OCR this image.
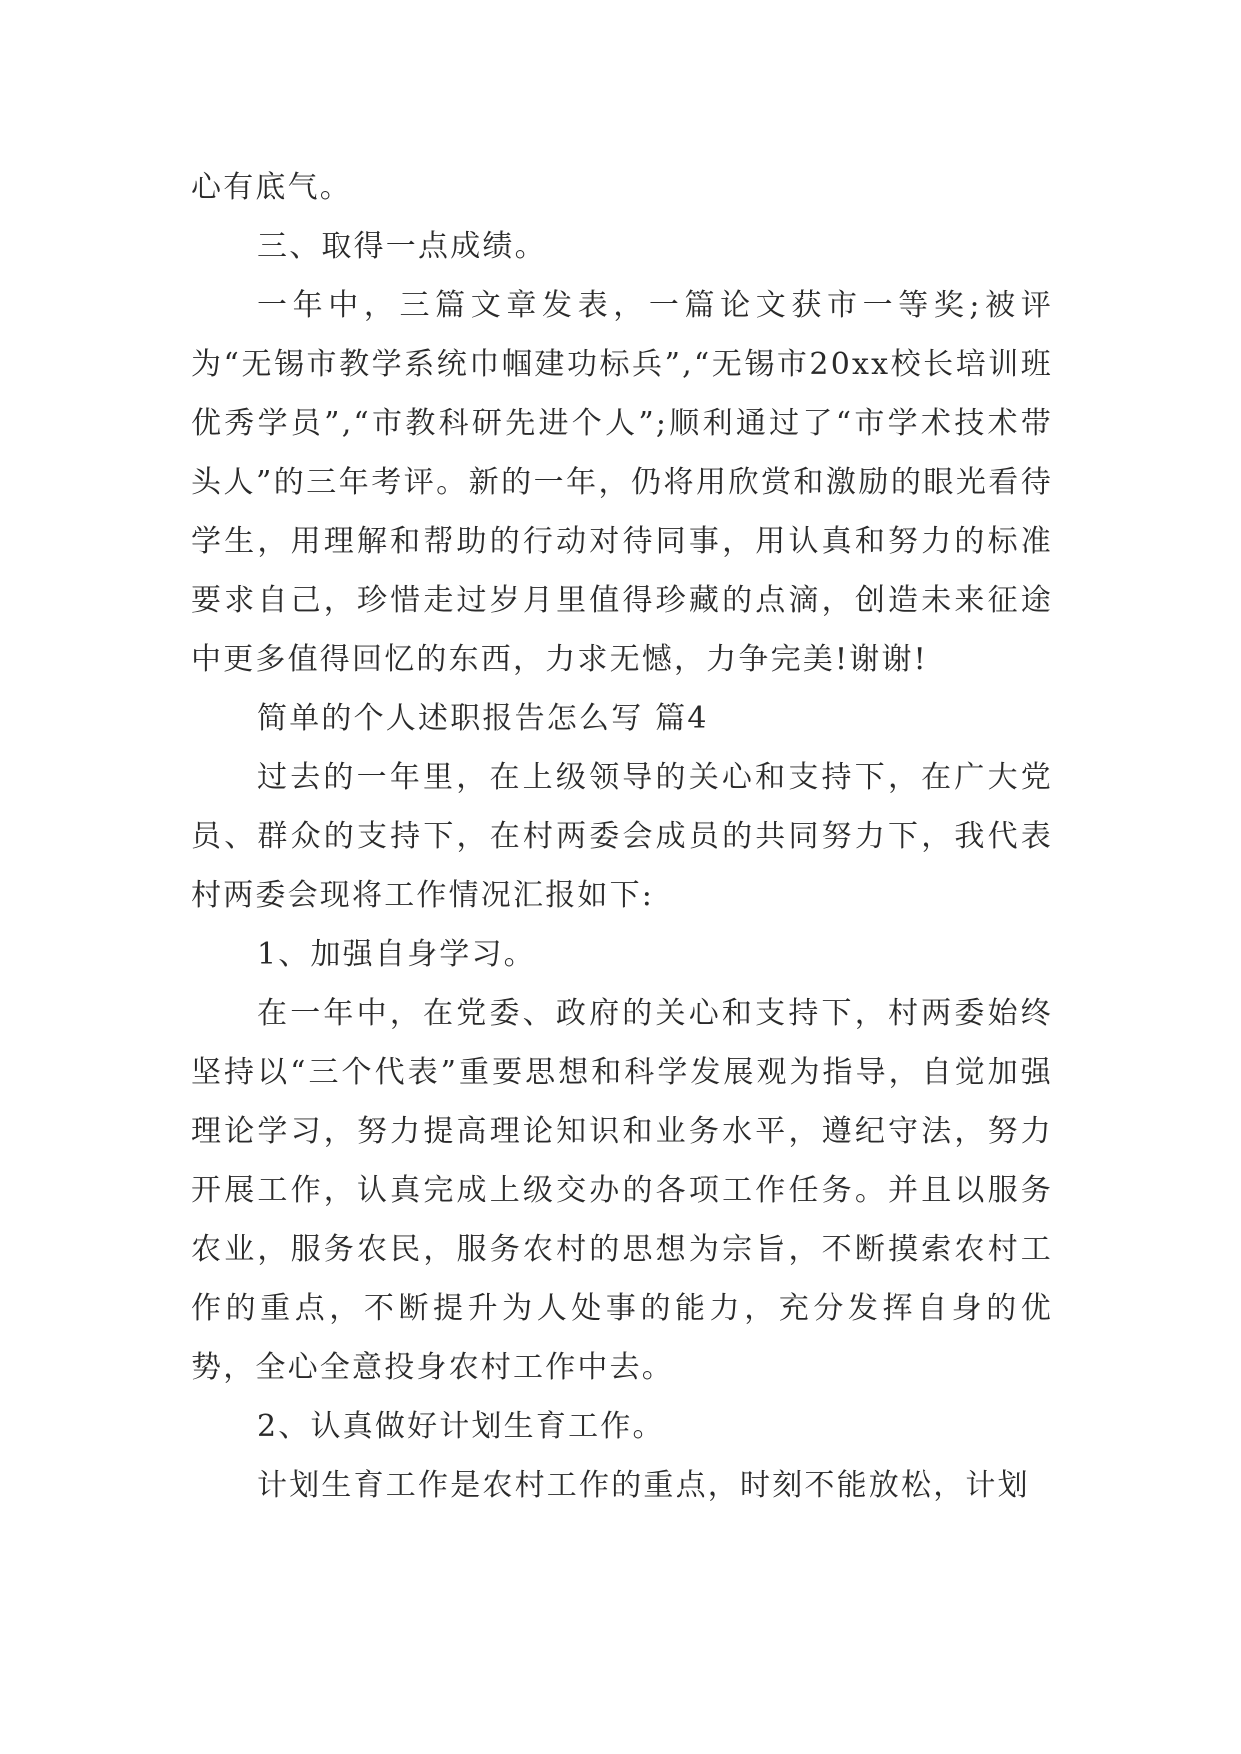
心有底气。

三、取得一点成绩。

一年中，三篇文章发表，一篇论文获市一等奖;被评为“无锡市教学系统巾帼建功标兵”,“无锡市20xx校长培训班优秀学员”,“市教科研先进个人”;顺利通过了“市学术技术带头人”的三年考评。新的一年，仍将用欣赏和激励的眼光看待学生，用理解和帮助的行动对待同事，用认真和努力的标准要求自己，珍惜走过岁月里值得珍藏的点滴，创造未来征途中更多值得回忆的东西，力求无憾，力争完美!谢谢!

简单的个人述职报告怎么写 篇4

过去的一年里，在上级领导的关心和支持下，在广大党员、群众的支持下，在村两委会成员的共同努力下，我代表村两委会现将工作情况汇报如下:

1、加强自身学习。

在一年中，在党委、政府的关心和支持下，村两委始终坚持以“三个代表”重要思想和科学发展观为指导，自觉加强理论学习，努力提高理论知识和业务水平，遵纪守法，努力开展工作，认真完成上级交办的各项工作任务。并且以服务农业，服务农民，服务农村的思想为宗旨，不断摸索农村工作的重点，不断提升为人处事的能力，充分发挥自身的优势，全心全意投身农村工作中去。

2、认真做好计划生育工作。

计划生育工作是农村工作的重点，时刻不能放松，计划
